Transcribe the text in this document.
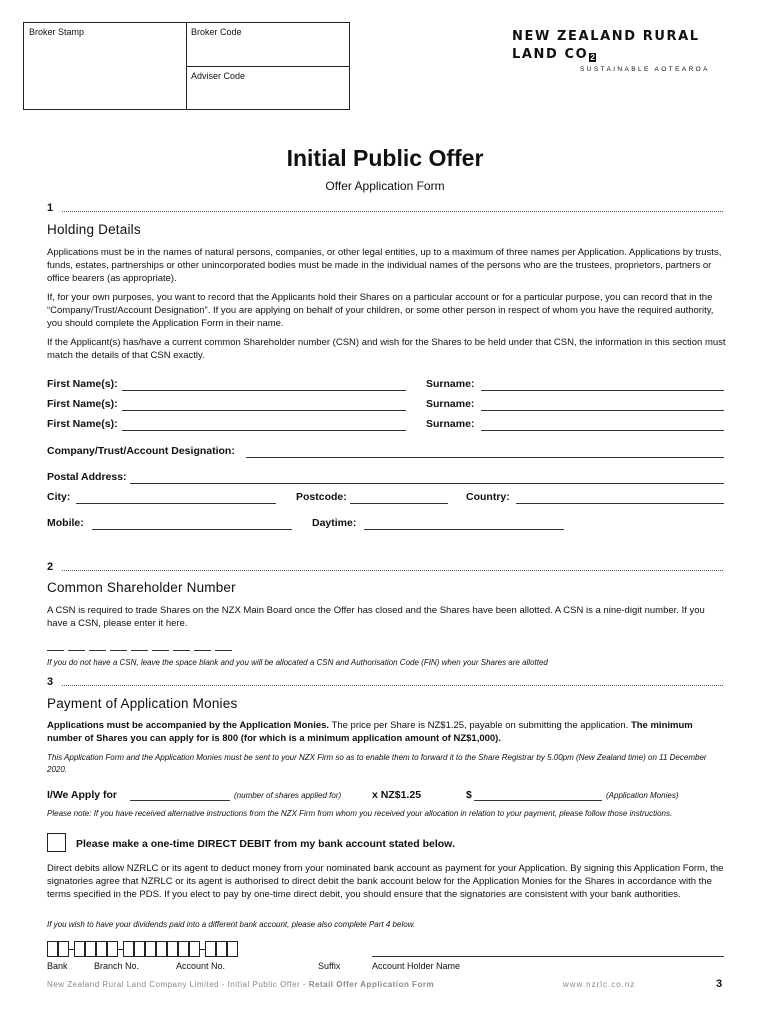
Broker Stamp	Broker Code
Adviser Code
NEW ZEALAND RURAL LAND CO 2
SUSTAINABLE AOTEAROA
Initial Public Offer
Offer Application Form
1
Holding Details
Applications must be in the names of natural persons, companies, or other legal entities, up to a maximum of three names per Application. Applications by trusts, funds, estates, partnerships or other unincorporated bodies must be made in the individual names of the persons who are the trustees, proprietors, partners or office bearers (as appropriate).
If, for your own purposes, you want to record that the Applicants hold their Shares on a particular account or for a particular purpose, you can record that in the “Company/Trust/Account Designation”. If you are applying on behalf of your children, or some other person in respect of whom you have the required authority, you should complete the Application Form in their name.
If the Applicant(s) has/have a current common Shareholder number (CSN) and wish for the Shares to be held under that CSN, the information in this section must match the details of that CSN exactly.
First Name(s):	Surname:
First Name(s):	Surname:
First Name(s):	Surname:
Company/Trust/Account Designation:
Postal Address:
City:	Postcode:	Country:
Mobile:	Daytime:
2
Common Shareholder Number
A CSN is required to trade Shares on the NZX Main Board once the Offer has closed and the Shares have been allotted. A CSN is a nine-digit number. If you have a CSN, please enter it here.
If you do not have a CSN, leave the space blank and you will be allocated a CSN and Authorisation Code (FIN) when your Shares are allotted
3
Payment of Application Monies
Applications must be accompanied by the Application Monies. The price per Share is NZ$1.25, payable on submitting the application. The minimum number of Shares you can apply for is 800 (for which is a minimum application amount of NZ$1,000).
This Application Form and the Application Monies must be sent to your NZX Firm so as to enable them to forward it to the Share Registrar by 5.00pm (New Zealand time) on 11 December 2020.
I/We Apply for	(number of shares applied for)	x NZ$1.25	$	(Application Monies)
Please note: If you have received alternative instructions from the NZX Firm from whom you received your allocation in relation to your payment, please follow those instructions.
Please make a one-time DIRECT DEBIT from my bank account stated below.
Direct debits allow NZRLC or its agent to deduct money from your nominated bank account as payment for your Application. By signing this Application Form, the signatories agree that NZRLC or its agent is authorised to direct debit the bank account below for the Application Monies for the Shares in accordance with the terms specified in the PDS. If you elect to pay by one-time direct debit, you should ensure that the signatories are consistent with your bank authorities.
If you wish to have your dividends paid into a different bank account, please also complete Part 4 below.
Bank	Branch No.	Account No.	Suffix	Account Holder Name
New Zealand Rural Land Company Limited - Initial Public Offer - Retail Offer Application Form	www.nzrlc.co.nz	3
